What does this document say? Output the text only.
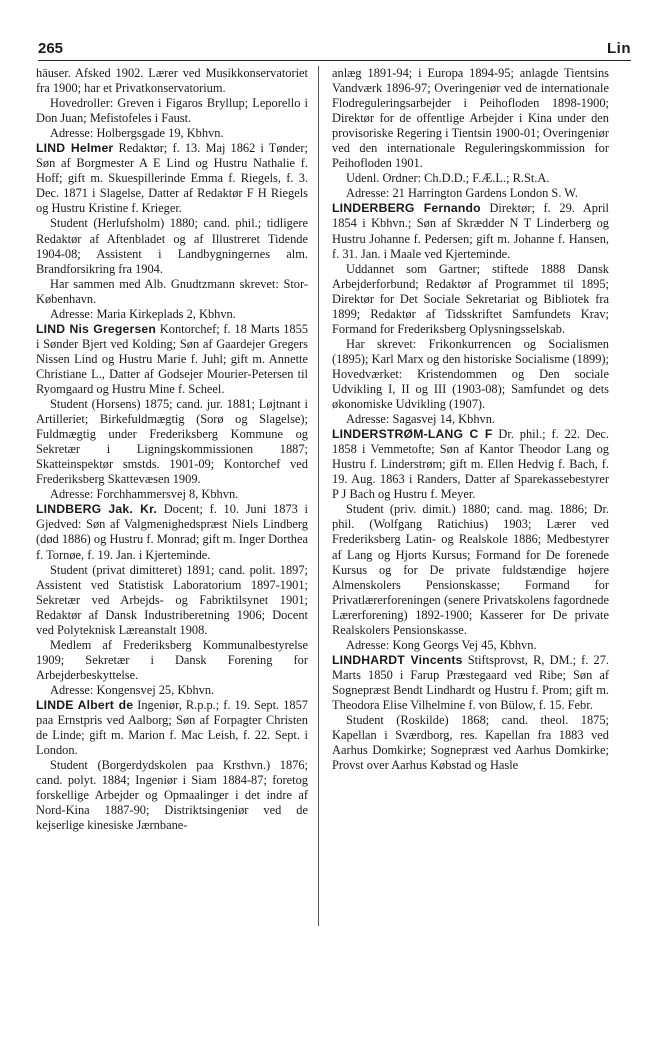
265	Lin

häuser. Afsked 1902. Lærer ved Musikkonservatoriet fra 1900; har et Privatkonservatorium.

Hovedroller: Greven i Figaros Bryllup; Leporello i Don Juan; Mefistofeles i Faust.

Adresse: Holbergsgade 19, Kbhvn.

LIND Helmer Redaktør; f. 13. Maj 1862 i Tønder; Søn af Borgmester A E Lind og Hustru Nathalie f. Hoff; gift m. Skuespillerinde Emma f. Riegels, f. 3. Dec. 1871 i Slagelse, Datter af Redaktør F H Riegels og Hustru Kristine f. Krieger.

Student (Herlufsholm) 1880; cand. phil.; tidligere Redaktør af Aftenbladet og af Illustreret Tidende 1904-08; Assistent i Landbygningernes alm. Brandforsikring fra 1904.

Har sammen med Alb. Gnudtzmann skrevet: Stor-København.

Adresse: Maria Kirkeplads 2, Kbhvn.

LIND Nis Gregersen Kontorchef; f. 18 Marts 1855 i Sønder Bjert ved Kolding; Søn af Gaardejer Gregers Nissen Lind og Hustru Marie f. Juhl; gift m. Annette Christiane L., Datter af Godsejer Mourier-Petersen til Ryomgaard og Hustru Mine f. Scheel.

Student (Horsens) 1875; cand. jur. 1881; Løjtnant i Artilleriet; Birkefuldmægtig (Sorø og Slagelse); Fuldmægtig under Frederiksberg Kommune og Sekretær i Ligningskommissionen 1887; Skatteinspektør smstds. 1901-09; Kontorchef ved Frederiksberg Skattevæsen 1909.

Adresse: Forchhammersvej 8, Kbhvn.

LINDBERG Jak. Kr. Docent; f. 10. Juni 1873 i Gjedved: Søn af Valgmenighedspræst Niels Lindberg (død 1886) og Hustru f. Monrad; gift m. Inger Dorthea f. Tornøe, f. 19. Jan. i Kjerteminde.

Student (privat dimitteret) 1891; cand. polit. 1897; Assistent ved Statistisk Laboratorium 1897-1901; Sekretær ved Arbejds- og Fabriktilsynet 1901; Redaktør af Dansk Industriberetning 1906; Docent ved Polyteknisk Læreanstalt 1908.

Medlem af Frederiksberg Kommunalbestyrelse 1909; Sekretær i Dansk Forening for Arbejderbeskyttelse.

Adresse: Kongensvej 25, Kbhvn.

LINDE Albert de Ingeniør, R.p.p.; f. 19. Sept. 1857 paa Ernstpris ved Aalborg; Søn af Forpagter Christen de Linde; gift m. Marion f. Mac Leish, f. 22. Sept. i London.

Student (Borgerdydskolen paa Krsthvn.) 1876; cand. polyt. 1884; Ingeniør i Siam 1884-87; foretog forskellige Arbejder og Opmaalinger i det indre af Nord-Kina 1887-90; Distriktsingeniør ved de kejserlige kinesiske Jærnbane-

anlæg 1891-94; i Europa 1894-95; anlagde Tientsins Vandværk 1896-97; Overingeniør ved de internationale Flodreguleringsarbejder i Peihofloden 1898-1900; Direktør for de offentlige Arbejder i Kina under den provisoriske Regering i Tientsin 1900-01; Overingeniør ved den internationale Reguleringskommission for Peihofloden 1901.

Udenl. Ordner: Ch.D.D.; F.Æ.L.; R.St.A.

Adresse: 21 Harrington Gardens London S. W.

LINDERBERG Fernando Direktør; f. 29. April 1854 i Kbhvn.; Søn af Skrædder N T Linderberg og Hustru Johanne f. Pedersen; gift m. Johanne f. Hansen, f. 31. Jan. i Maale ved Kjerteminde.

Uddannet som Gartner; stiftede 1888 Dansk Arbejderforbund; Redaktør af Programmet til 1895; Direktør for Det Sociale Sekretariat og Bibliotek fra 1899; Redaktør af Tidsskriftet Samfundets Krav; Formand for Frederiksberg Oplysningsselskab.

Har skrevet: Frikonkurrencen og Socialismen (1895); Karl Marx og den historiske Socialisme (1899); Hovedværket: Kristendommen og Den sociale Udvikling I, II og III (1903-08); Samfundet og dets økonomiske Udvikling (1907).

Adresse: Sagasvej 14, Kbhvn.

LINDERSTRØM-LANG C F Dr. phil.; f. 22. Dec. 1858 i Vemmetofte; Søn af Kantor Theodor Lang og Hustru f. Linderstrøm; gift m. Ellen Hedvig f. Bach, f. 19. Aug. 1863 i Randers, Datter af Sparekassebestyrer P J Bach og Hustru f. Meyer.

Student (priv. dimit.) 1880; cand. mag. 1886; Dr. phil. (Wolfgang Ratichius) 1903; Lærer ved Frederiksberg Latin- og Realskole 1886; Medbestyrer af Lang og Hjorts Kursus; Formand for De forenede Kursus og for De private fuldstændige højere Almenskolers Pensionskasse; Formand for Privatlærerforeningen (senere Privatskolens fagordnede Lærerforening) 1892-1900; Kasserer for De private Realskolers Pensionskasse.

Adresse: Kong Georgs Vej 45, Kbhvn.

LINDHARDT Vincents Stiftsprovst, R, DM.; f. 27. Marts 1850 i Farup Præstegaard ved Ribe; Søn af Sognepræst Bendt Lindhardt og Hustru f. Prom; gift m. Theodora Elise Vilhelmine f. von Bülow, f. 15. Febr.

Student (Roskilde) 1868; cand. theol. 1875; Kapellan i Sværdborg, res. Kapellan fra 1883 ved Aarhus Domkirke; Sognepræst ved Aarhus Domkirke; Provst over Aarhus Købstad og Hasle
